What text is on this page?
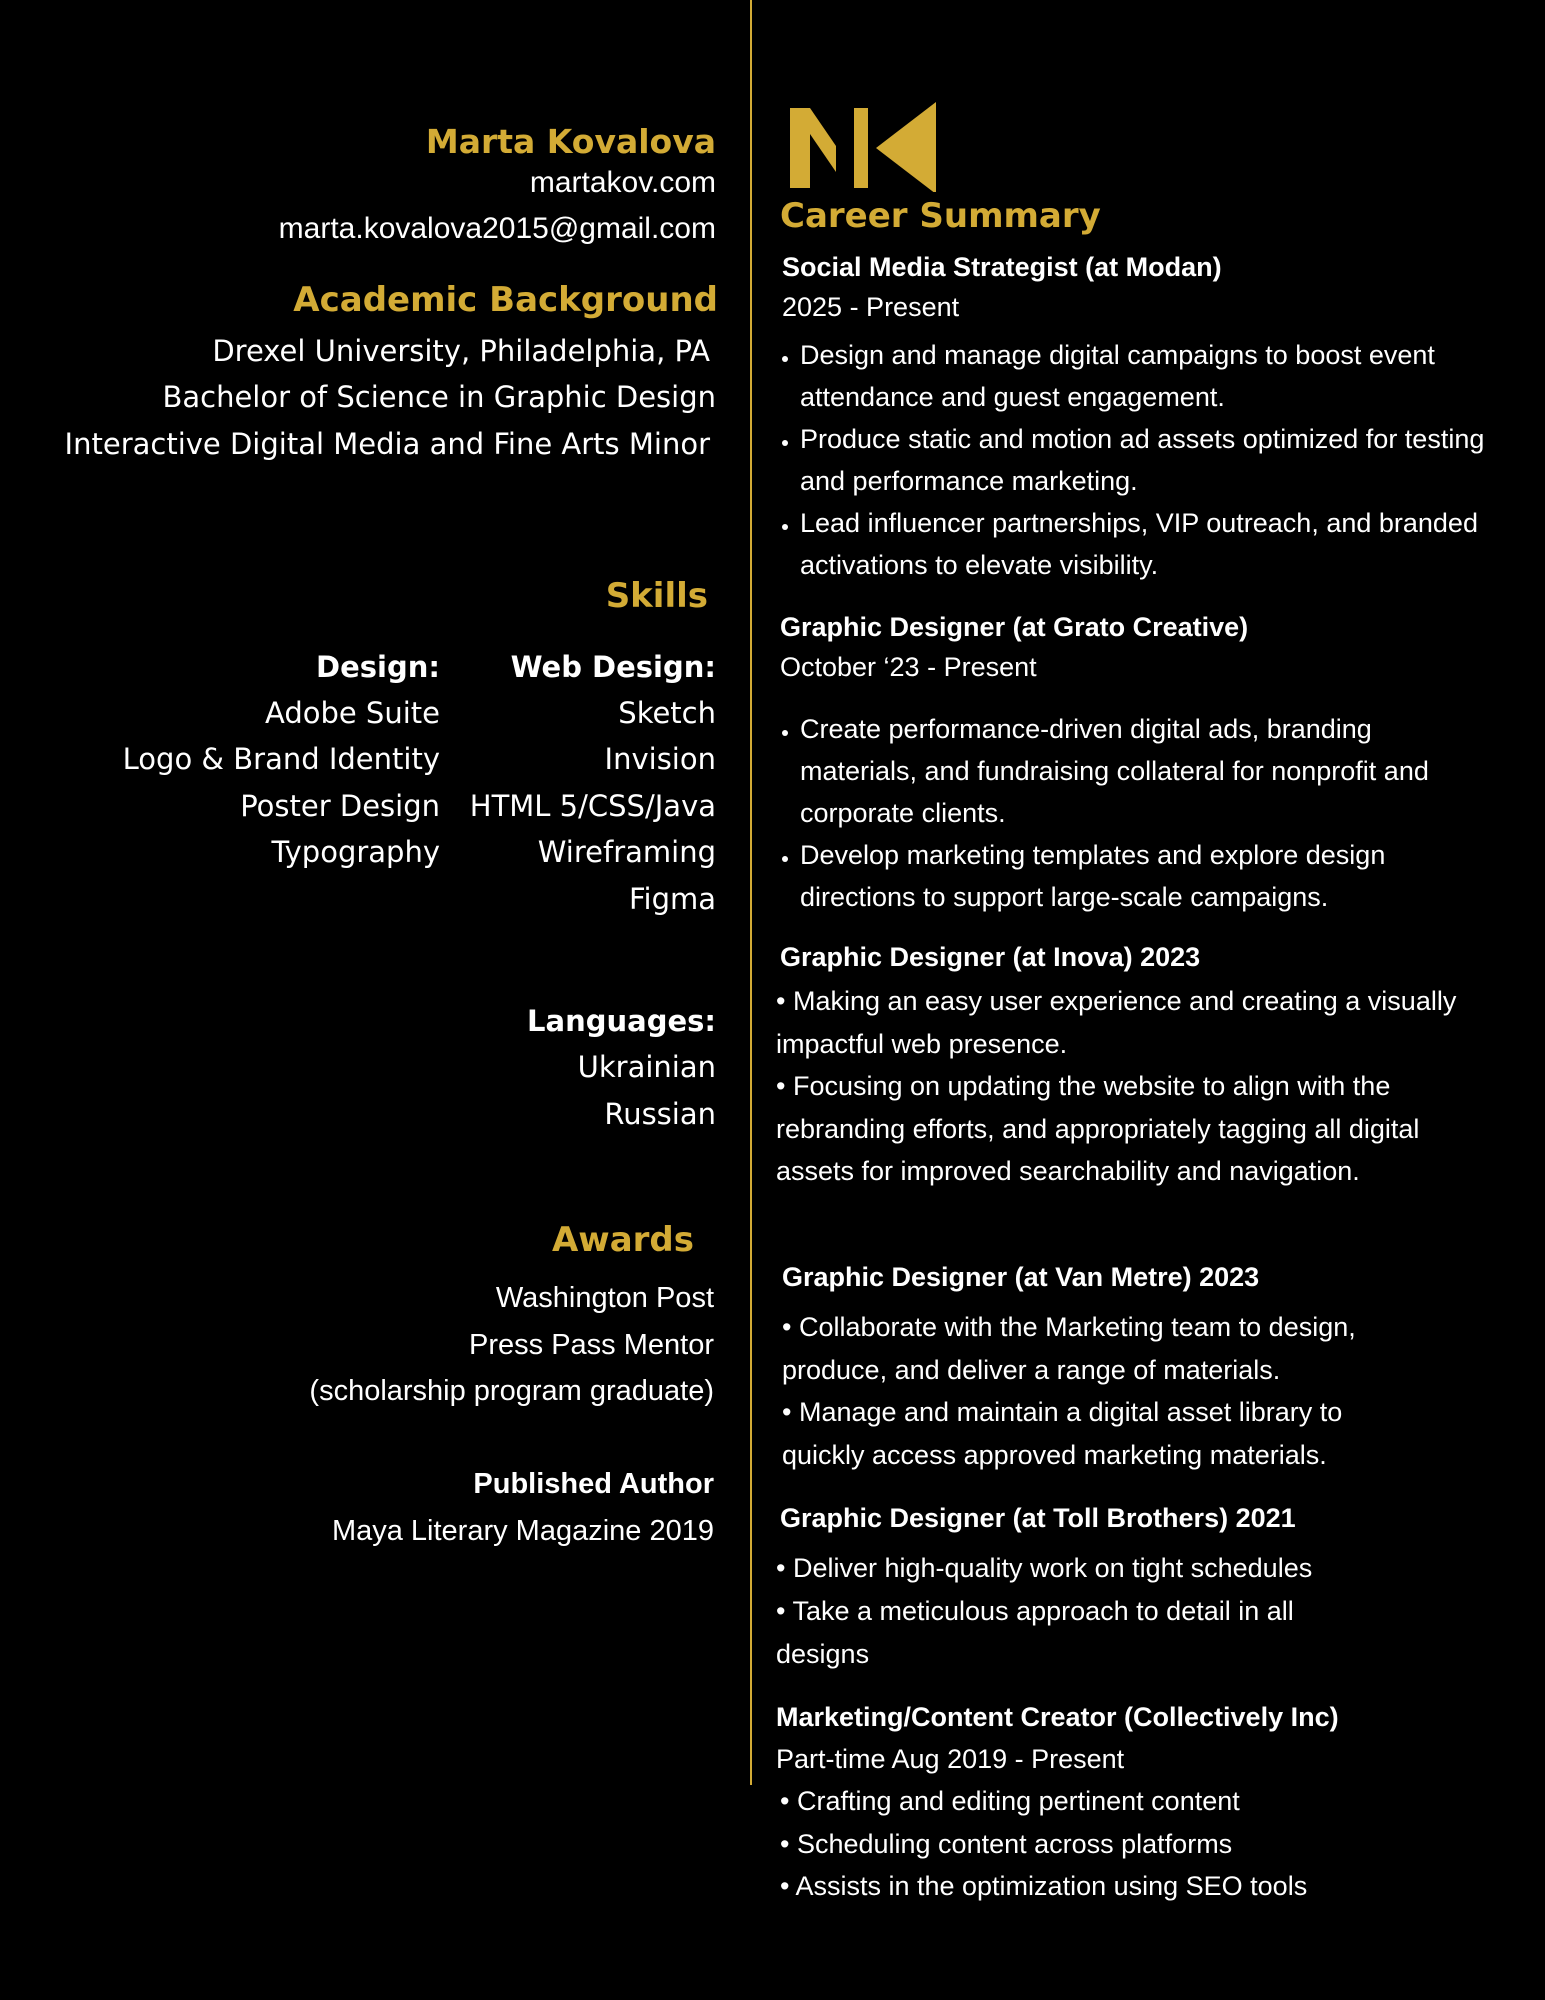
Marta Kovalova
martakov.com
marta.kovalova2015@gmail.com
Academic Background
Drexel University, Philadelphia, PA
Bachelor of Science in Graphic Design
Interactive Digital Media and Fine Arts Minor
Skills
Design:
Adobe Suite
Logo & Brand Identity
Poster Design
Typography
Web Design:
Sketch
Invision
HTML 5/CSS/Java
Wireframing
Figma
Languages:
Ukrainian
Russian
Awards
Washington Post
Press Pass Mentor
(scholarship program graduate)
Published Author
Maya Literary Magazine 2019
Career Summary
Social Media Strategist (at Modan)
2025 - Present
• Design and manage digital campaigns to boost event attendance and guest engagement.
• Produce static and motion ad assets optimized for testing and performance marketing.
• Lead influencer partnerships, VIP outreach, and branded activations to elevate visibility.
Graphic Designer (at Grato Creative)
October ‘23 - Present
• Create performance-driven digital ads, branding materials, and fundraising collateral for nonprofit and corporate clients.
• Develop marketing templates and explore design directions to support large-scale campaigns.
Graphic Designer (at Inova) 2023
• Making an easy user experience and creating a visually impactful web presence.
• Focusing on updating the website to align with the rebranding efforts, and appropriately tagging all digital assets for improved searchability and navigation.
Graphic Designer (at Van Metre) 2023
• Collaborate with the Marketing team to design, produce, and deliver a range of materials.
• Manage and maintain a digital asset library to quickly access approved marketing materials.
Graphic Designer (at Toll Brothers) 2021
• Deliver high-quality work on tight schedules
• Take a meticulous approach to detail in all designs
Marketing/Content Creator (Collectively Inc)
Part-time Aug 2019 - Present
• Crafting and editing pertinent content
• Scheduling content across platforms
• Assists in the optimization using SEO tools
